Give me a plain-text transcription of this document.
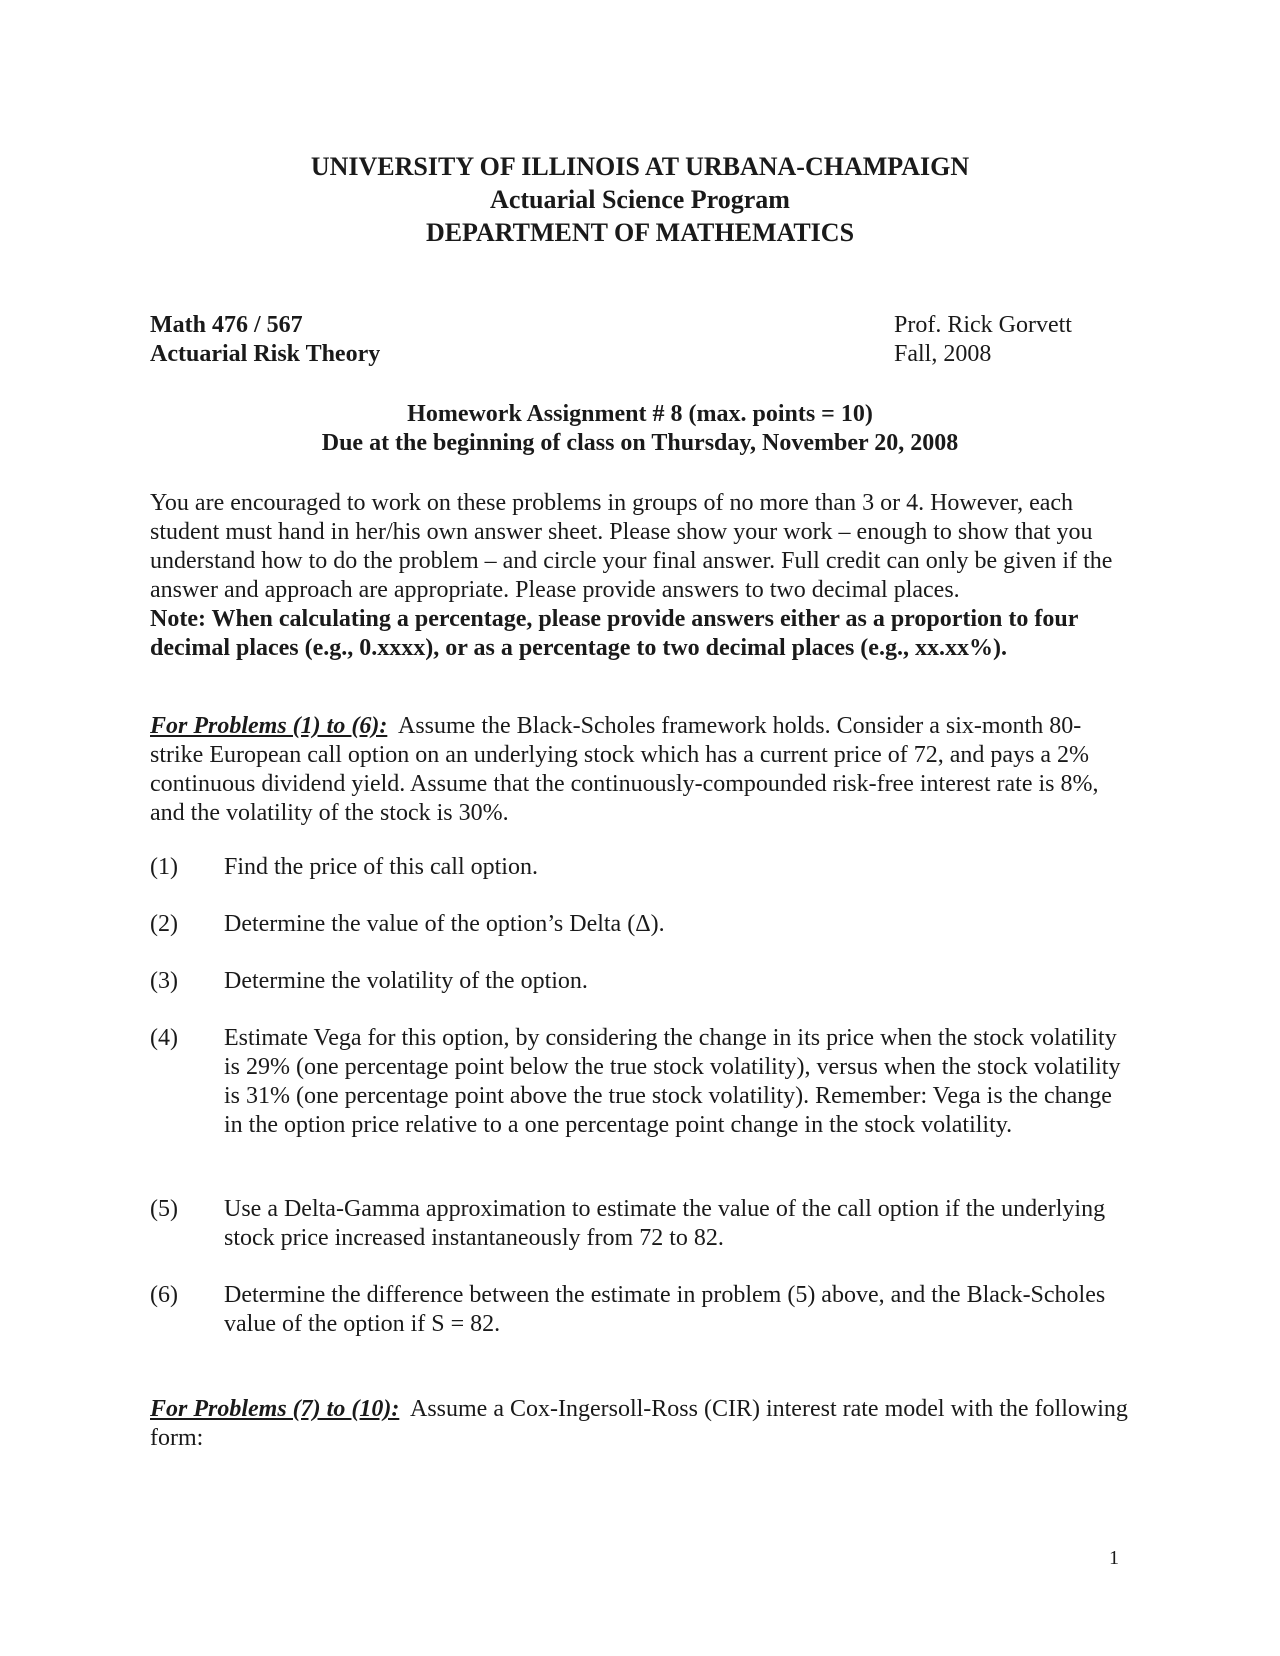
UNIVERSITY OF ILLINOIS AT URBANA-CHAMPAIGN
Actuarial Science Program
DEPARTMENT OF MATHEMATICS
Math 476 / 567
Actuarial Risk Theory
Prof. Rick Gorvett
Fall, 2008
Homework Assignment # 8 (max. points = 10)
Due at the beginning of class on Thursday, November 20, 2008
You are encouraged to work on these problems in groups of no more than 3 or 4. However, each student must hand in her/his own answer sheet. Please show your work – enough to show that you understand how to do the problem – and circle your final answer. Full credit can only be given if the answer and approach are appropriate. Please provide answers to two decimal places.
Note: When calculating a percentage, please provide answers either as a proportion to four decimal places (e.g., 0.xxxx), or as a percentage to two decimal places (e.g., xx.xx%).
For Problems (1) to (6): Assume the Black-Scholes framework holds. Consider a six-month 80-strike European call option on an underlying stock which has a current price of 72, and pays a 2% continuous dividend yield. Assume that the continuously-compounded risk-free interest rate is 8%, and the volatility of the stock is 30%.
(1) Find the price of this call option.
(2) Determine the value of the option’s Delta (Δ).
(3) Determine the volatility of the option.
(4) Estimate Vega for this option, by considering the change in its price when the stock volatility is 29% (one percentage point below the true stock volatility), versus when the stock volatility is 31% (one percentage point above the true stock volatility). Remember: Vega is the change in the option price relative to a one percentage point change in the stock volatility.
(5) Use a Delta-Gamma approximation to estimate the value of the call option if the underlying stock price increased instantaneously from 72 to 82.
(6) Determine the difference between the estimate in problem (5) above, and the Black-Scholes value of the option if S = 82.
For Problems (7) to (10): Assume a Cox-Ingersoll-Ross (CIR) interest rate model with the following form:
1
